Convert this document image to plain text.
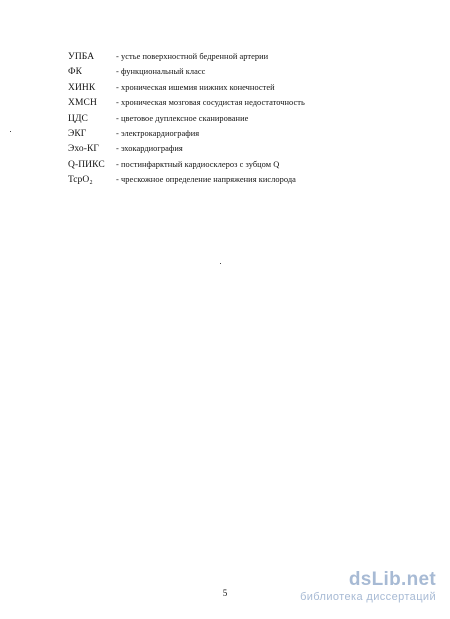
УПБА	- устье поверхностной бедренной артерии
ФК	- функциональный класс
ХИНК	- хроническая ишемия нижних конечностей
ХМСН	- хроническая мозговая сосудистая недостаточность
ЦДС	- цветовое дуплексное сканирование
ЭКГ	- электрокардиография
Эхо-КГ	- эхокардиография
Q-ПИКС	- постинфарктный кардиосклероз с зубцом Q
TcpO₂	- чрескожное определение напряжения кислорода
5
dsLib.net
библиотека диссертаций
